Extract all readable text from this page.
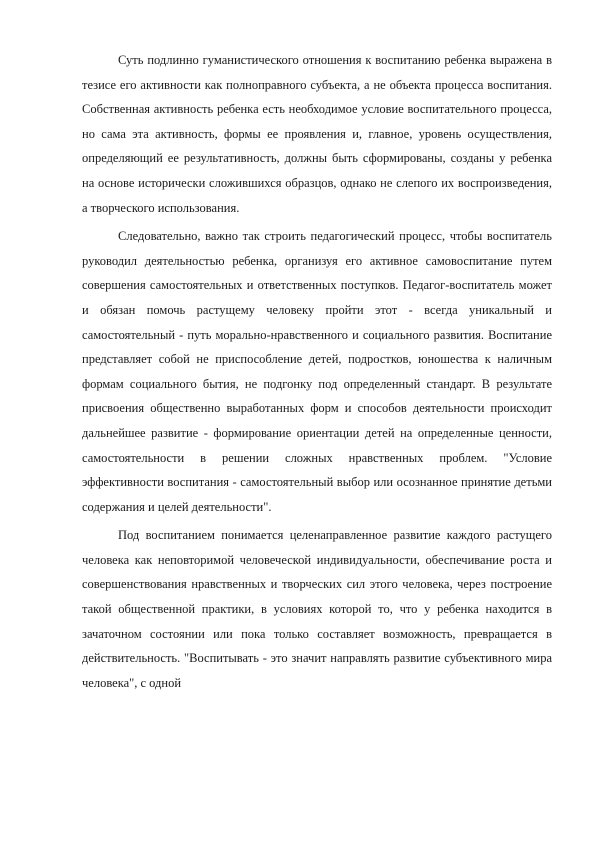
Суть подлинно гуманистического отношения к воспитанию ребенка выражена в тезисе его активности как полноправного субъекта, а не объекта процесса воспитания. Собственная активность ребенка есть необходимое условие воспитательного процесса, но сама эта активность, формы ее проявления и, главное, уровень осуществления, определяющий ее результативность, должны быть сформированы, созданы у ребенка на основе исторически сложившихся образцов, однако не слепого их воспроизведения, а творческого использования.

Следовательно, важно так строить педагогический процесс, чтобы воспитатель руководил деятельностью ребенка, организуя его активное самовоспитание путем совершения самостоятельных и ответственных поступков. Педагог-воспитатель может и обязан помочь растущему человеку пройти этот - всегда уникальный и самостоятельный - путь морально-нравственного и социального развития. Воспитание представляет собой не приспособление детей, подростков, юношества к наличным формам социального бытия, не подгонку под определенный стандарт. В результате присвоения общественно выработанных форм и способов деятельности происходит дальнейшее развитие - формирование ориентации детей на определенные ценности, самостоятельности в решении сложных нравственных проблем. "Условие эффективности воспитания - самостоятельный выбор или осознанное принятие детьми содержания и целей деятельности".

Под воспитанием понимается целенаправленное развитие каждого растущего человека как неповторимой человеческой индивидуальности, обеспечивание роста и совершенствования нравственных и творческих сил этого человека, через построение такой общественной практики, в условиях которой то, что у ребенка находится в зачаточном состоянии или пока только составляет возможность, превращается в действительность. "Воспитывать - это значит направлять развитие субъективного мира человека", с одной
